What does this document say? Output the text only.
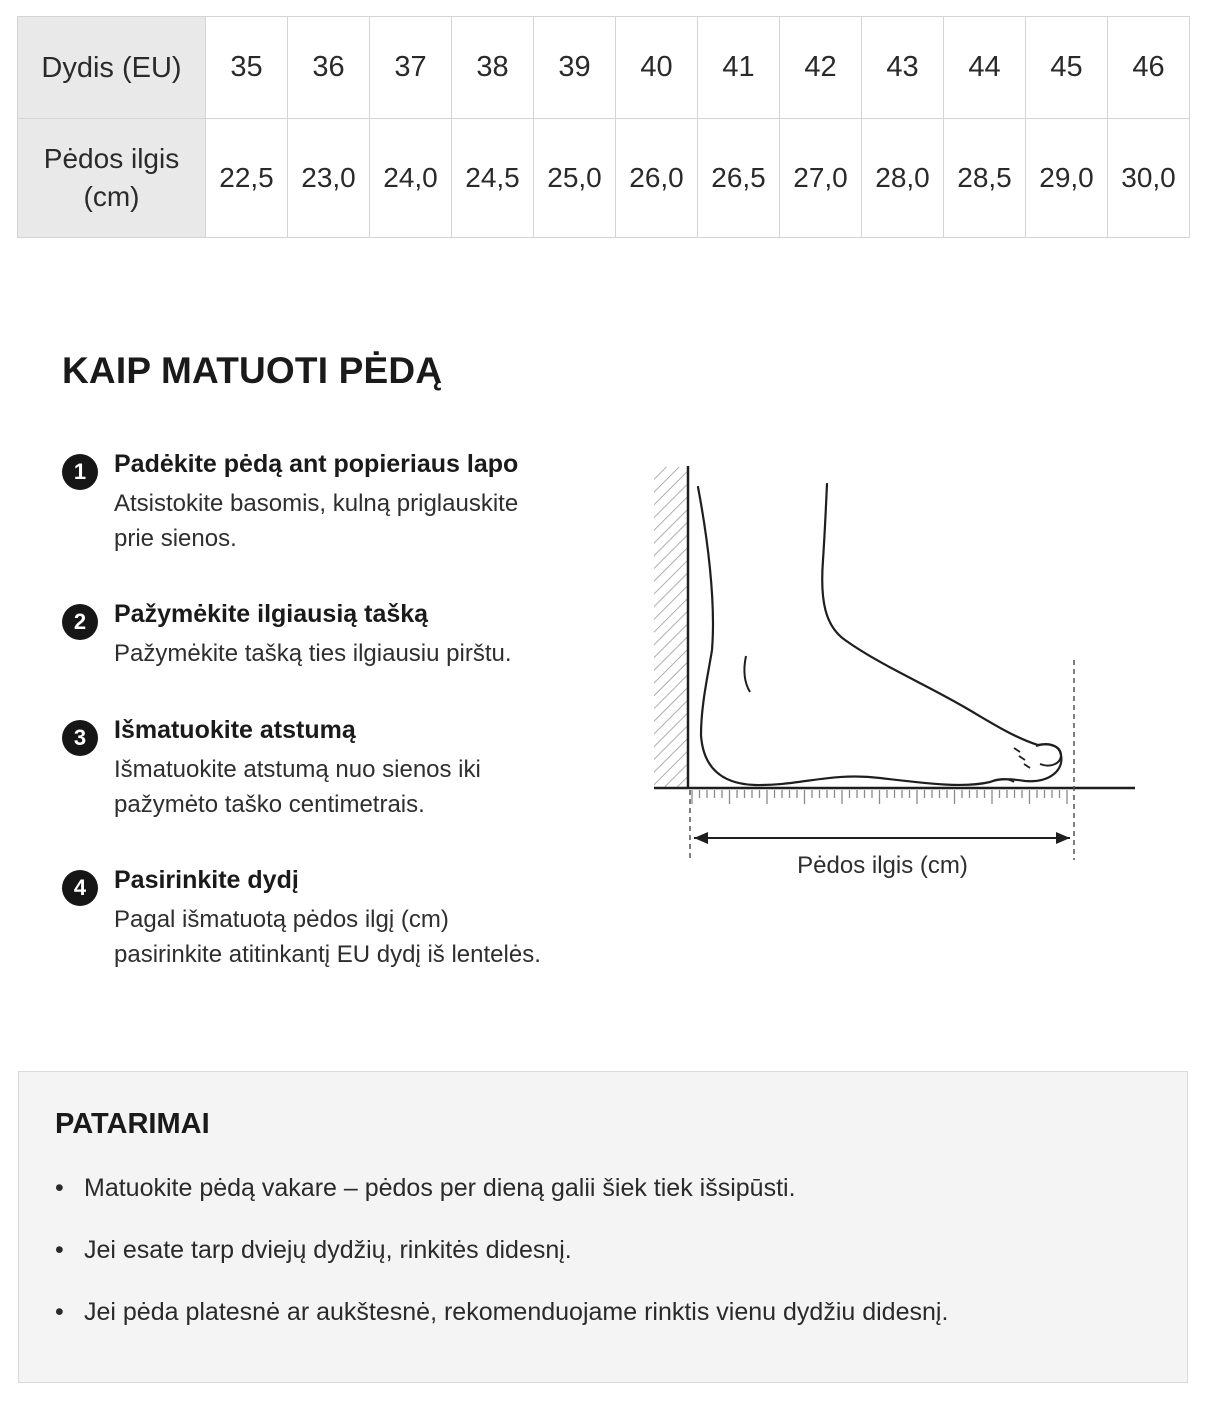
Dydis (EU)	35	36	37	38	39	40	41	42	43	44	45	46
Pėdos ilgis
(cm)	22,5	23,0	24,0	24,5	25,0	26,0	26,5	27,0	28,0	28,5	29,0	30,0
KAIP MATUOTI PĖDĄ
1	Padėkite pėdą ant popieriaus lapo
Atsistokite basomis, kulną priglauskite
prie sienos.
2	Pažymėkite ilgiausią tašką
Pažymėkite tašką ties ilgiausiu pirštu.
3	Išmatuokite atstumą
Išmatuokite atstumą nuo sienos iki
pažymėto taško centimetrais.
4	Pasirinkite dydį
Pagal išmatuotą pėdos ilgį (cm)
pasirinkite atitinkantį EU dydį iš lentelės.
Pėdos ilgis (cm)
PATARIMAI
• Matuokite pėdą vakare – pėdos per dieną galii šiek tiek išsipūsti.
• Jei esate tarp dviejų dydžių, rinkitės didesnį.
• Jei pėda platesnė ar aukštesnė, rekomenduojame rinktis vienu dydžiu didesnį.
